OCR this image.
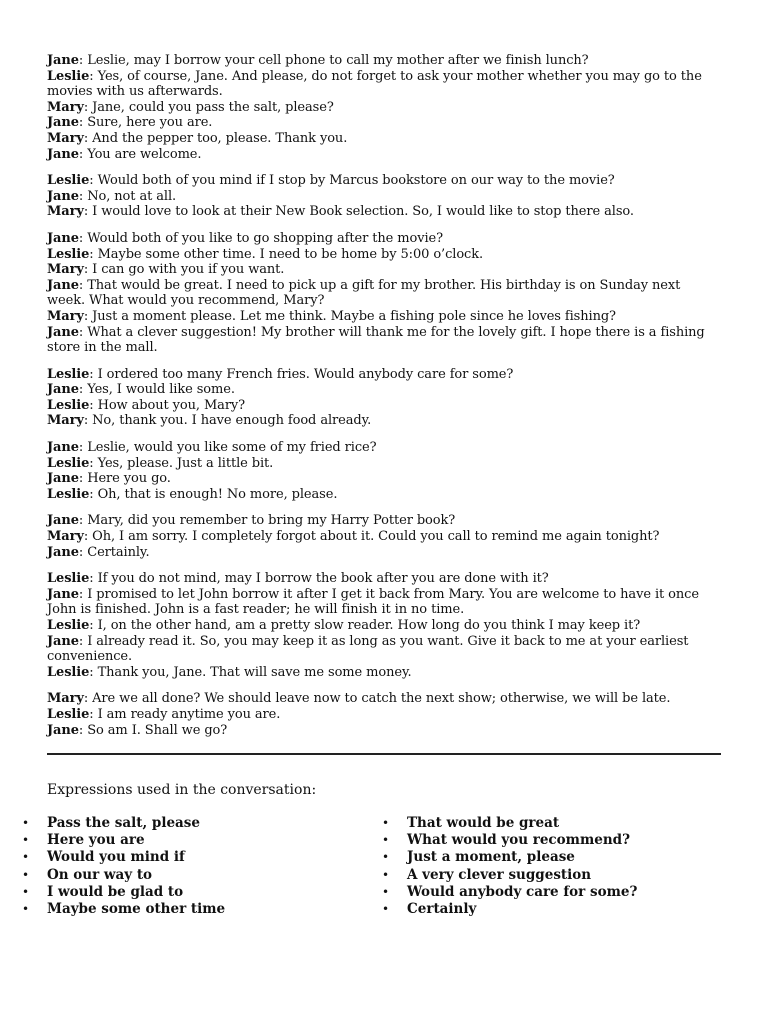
Jane: Leslie, may I borrow your cell phone to call my mother after we finish lunch?
Leslie: Yes, of course, Jane. And please, do not forget to ask your mother whether you may go to the movies with us afterwards.
Mary: Jane, could you pass the salt, please?
Jane: Sure, here you are.
Mary: And the pepper too, please. Thank you.
Jane: You are welcome.
Leslie: Would both of you mind if I stop by Marcus bookstore on our way to the movie?
Jane: No, not at all.
Mary: I would love to look at their New Book selection. So, I would like to stop there also.
Jane: Would both of you like to go shopping after the movie?
Leslie: Maybe some other time. I need to be home by 5:00 o’clock.
Mary: I can go with you if you want.
Jane: That would be great. I need to pick up a gift for my brother. His birthday is on Sunday next week. What would you recommend, Mary?
Mary: Just a moment please. Let me think. Maybe a fishing pole since he loves fishing?
Jane: What a clever suggestion! My brother will thank me for the lovely gift. I hope there is a fishing store in the mall.
Leslie: I ordered too many French fries. Would anybody care for some?
Jane: Yes, I would like some.
Leslie: How about you, Mary?
Mary: No, thank you. I have enough food already.
Jane: Leslie, would you like some of my fried rice?
Leslie: Yes, please. Just a little bit.
Jane: Here you go.
Leslie: Oh, that is enough! No more, please.
Jane: Mary, did you remember to bring my Harry Potter book?
Mary: Oh, I am sorry. I completely forgot about it. Could you call to remind me again tonight?
Jane: Certainly.
Leslie: If you do not mind, may I borrow the book after you are done with it?
Jane: I promised to let John borrow it after I get it back from Mary. You are welcome to have it once John is finished. John is a fast reader; he will finish it in no time.
Leslie: I, on the other hand, am a pretty slow reader. How long do you think I may keep it?
Jane: I already read it. So, you may keep it as long as you want. Give it back to me at your earliest convenience.
Leslie: Thank you, Jane. That will save me some money.
Mary: Are we all done? We should leave now to catch the next show; otherwise, we will be late.
Leslie: I am ready anytime you are.
Jane: So am I. Shall we go?
Expressions used in the conversation:
• Pass the salt, please
• Here you are
• Would you mind if
• On our way to
• I would be glad to
• Maybe some other time
• That would be great
• What would you recommend?
• Just a moment, please
• A very clever suggestion
• Would anybody care for some?
• Certainly
